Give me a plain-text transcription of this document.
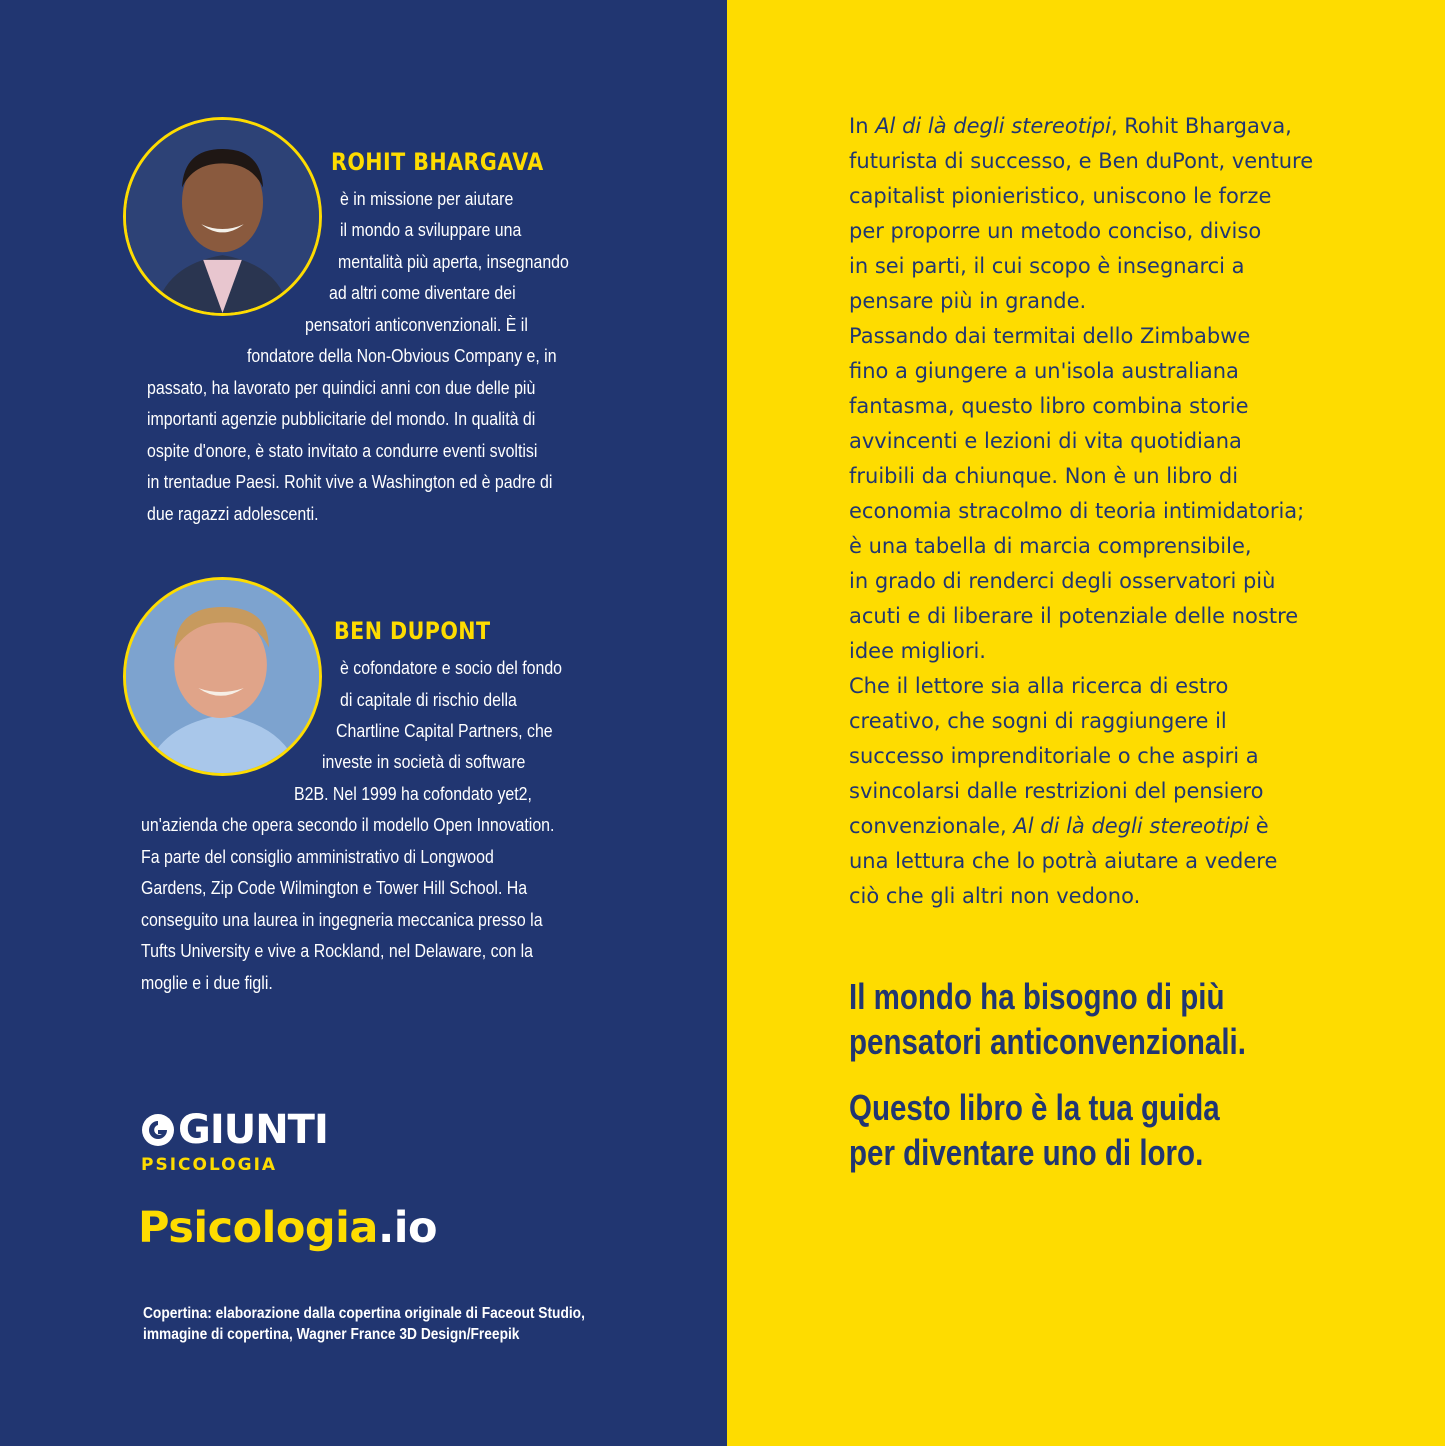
ROHIT BHARGAVA
è in missione per aiutare
il mondo a sviluppare una
mentalità più aperta, insegnando
ad altri come diventare dei
pensatori anticonvenzionali. È il
fondatore della Non-Obvious Company e, in
passato, ha lavorato per quindici anni con due delle più
importanti agenzie pubblicitarie del mondo. In qualità di
ospite d'onore, è stato invitato a condurre eventi svoltisi
in trentadue Paesi. Rohit vive a Washington ed è padre di
due ragazzi adolescenti.
BEN DUPONT
è cofondatore e socio del fondo
di capitale di rischio della
Chartline Capital Partners, che
investe in società di software
B2B. Nel 1999 ha cofondato yet2,
un'azienda che opera secondo il modello Open Innovation.
Fa parte del consiglio amministrativo di Longwood
Gardens, Zip Code Wilmington e Tower Hill School. Ha
conseguito una laurea in ingegneria meccanica presso la
Tufts University e vive a Rockland, nel Delaware, con la
moglie e i due figli.
GIUNTI
PSICOLOGIA
Psicologia.io
Copertina: elaborazione dalla copertina originale di Faceout Studio,
immagine di copertina, Wagner France 3D Design/Freepik
In Al di là degli stereotipi, Rohit Bhargava,
futurista di successo, e Ben duPont, venture
capitalist pionieristico, uniscono le forze
per proporre un metodo conciso, diviso
in sei parti, il cui scopo è insegnarci a
pensare più in grande.
Passando dai termitai dello Zimbabwe
fino a giungere a un'isola australiana
fantasma, questo libro combina storie
avvincenti e lezioni di vita quotidiana
fruibili da chiunque. Non è un libro di
economia stracolmo di teoria intimidatoria;
è una tabella di marcia comprensibile,
in grado di renderci degli osservatori più
acuti e di liberare il potenziale delle nostre
idee migliori.
Che il lettore sia alla ricerca di estro
creativo, che sogni di raggiungere il
successo imprenditoriale o che aspiri a
svincolarsi dalle restrizioni del pensiero
convenzionale, Al di là degli stereotipi è
una lettura che lo potrà aiutare a vedere
ciò che gli altri non vedono.
Il mondo ha bisogno di più
pensatori anticonvenzionali.
Questo libro è la tua guida
per diventare uno di loro.
